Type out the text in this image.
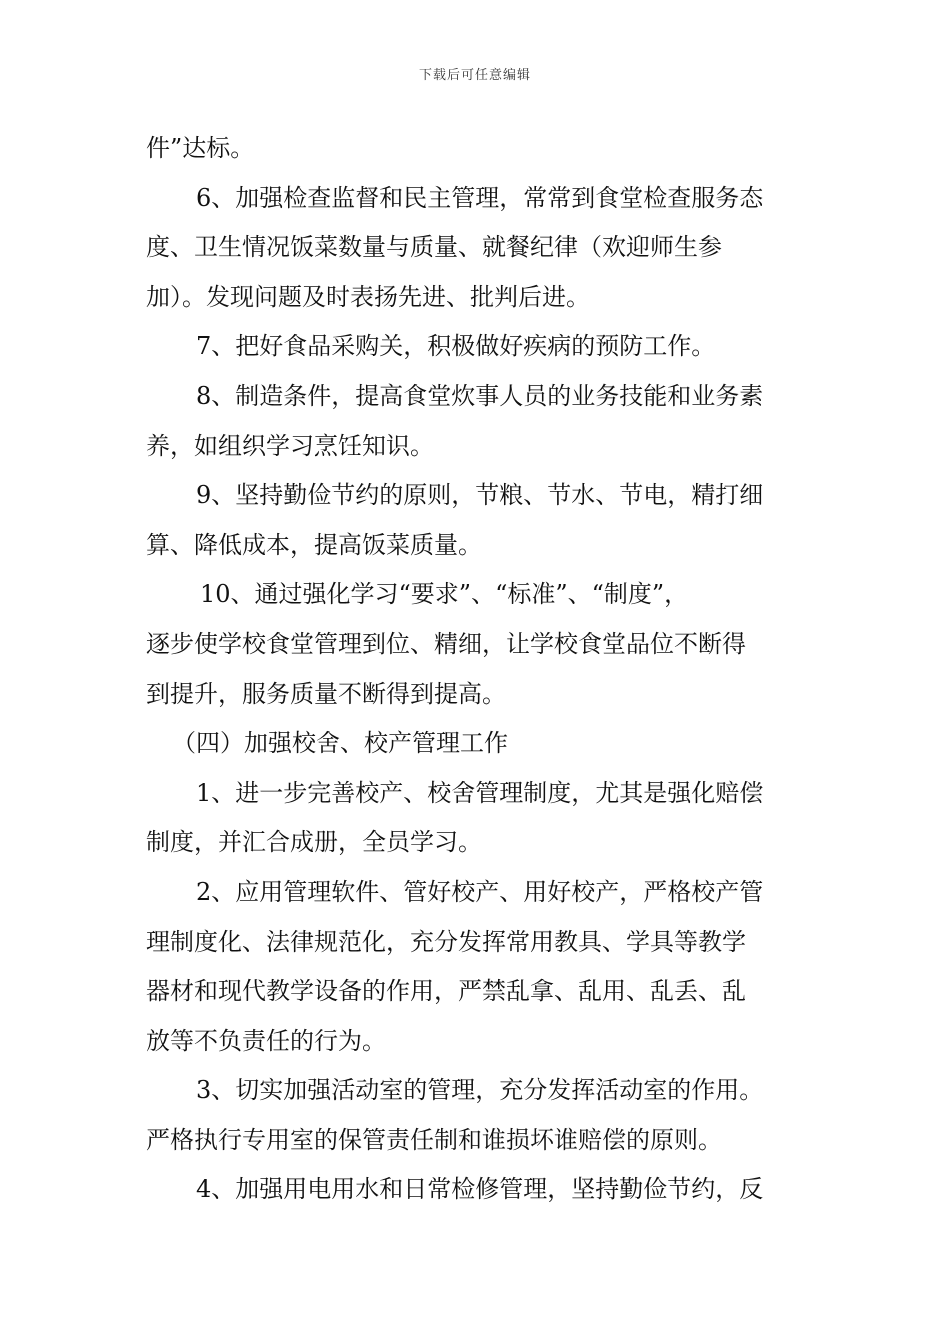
下载后可任意编辑
件”达标。
6、加强检查监督和民主管理，常常到食堂检查服务态
度、卫生情况饭菜数量与质量、就餐纪律（欢迎师生参
加）。发现问题及时表扬先进、批判后进。
7、把好食品采购关，积极做好疾病的预防工作。
8、制造条件，提高食堂炊事人员的业务技能和业务素
养，如组织学习烹饪知识。
9、坚持勤俭节约的原则，节粮、节水、节电，精打细
算、降低成本，提高饭菜质量。
10、通过强化学习“要求”、“标准”、“制度”，
逐步使学校食堂管理到位、精细，让学校食堂品位不断得
到提升，服务质量不断得到提高。
（四）加强校舍、校产管理工作
1、进一步完善校产、校舍管理制度，尤其是强化赔偿
制度，并汇合成册，全员学习。
2、应用管理软件、管好校产、用好校产，严格校产管
理制度化、法律规范化，充分发挥常用教具、学具等教学
器材和现代教学设备的作用，严禁乱拿、乱用、乱丢、乱
放等不负责任的行为。
3、切实加强活动室的管理，充分发挥活动室的作用。
严格执行专用室的保管责任制和谁损坏谁赔偿的原则。
4、加强用电用水和日常检修管理，坚持勤俭节约，反
